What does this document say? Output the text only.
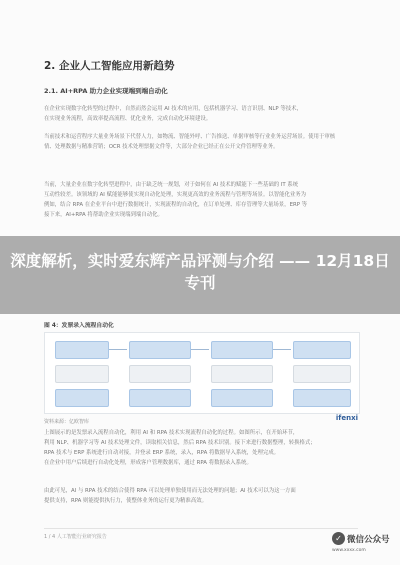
2. 企业人工智能应用新趋势
2.1. AI+RPA 助力企业实现端到端自动化
在企业实现数字化转型的过程中，自然而然会运用 AI 技术的应用，包括机器学习、语言识别、NLP 等技术，
在实现业务流程，高效率提高流程、优化业务，完成自动化环境建设。
当前技术和运营程序大量业务场景下代替人力，如物流、智能外呼、广告推送、单据审核等行业业务运营场景。使用于审核
情、处理数据与精准营销；OCR 技术处理票据文件等，大部分企业已经正在公开文件管理等业务。
当前，大量企业在数字化转型进程中，由于缺乏统一规划，对于如何在 AI 技术的赋能下一些基础的 IT 系统
互动性较差。该领域的 AI 赋能能够使实现自动化处理，实现更高效的业务流程与管理等场景。以智能化业务为
例如，结合 RPA 在企业平台中进行数据统计，实现流程的自动化，在订单处理、库存管理等大量场景，ERP 等
接下来，AI+RPA 将帮助企业实现端到端自动化。
图 4：发票录入流程自动化
资料来源：亿欧智库	ifenxi
上图展示的是发票录入流程自动化，利用 AI 和 RPA 技术实现流程自动化的过程。如图所示，在开始环节，
利用 NLP、机器学习等 AI 技术处理文件，读取相关信息，然后 RPA 技术识别。接下来进行数据整理，转换格式；
RPA 技术与 ERP 系统进行自动对接，并登录 ERP 系统，录入，RPA 将数据导入系统，处理完成。
在企业中用户后续进行自动化处理，形成客户管理数据库，通过 RPA 将数据录入系统。
由此可见，AI 与 RPA 技术的结合使得 RPA 可以处理单独使用而无法处理的问题；AI 技术可以为这一方面
提供支持，RPA 则能提供执行力，使整体业务的运行更为精准高效。
1 / 4 人工智能行业研究报告
深度解析，实时爱东辉产品评测与介绍 —— 12月18日专刊
✓ 微信公众号
www.xxxx.com
